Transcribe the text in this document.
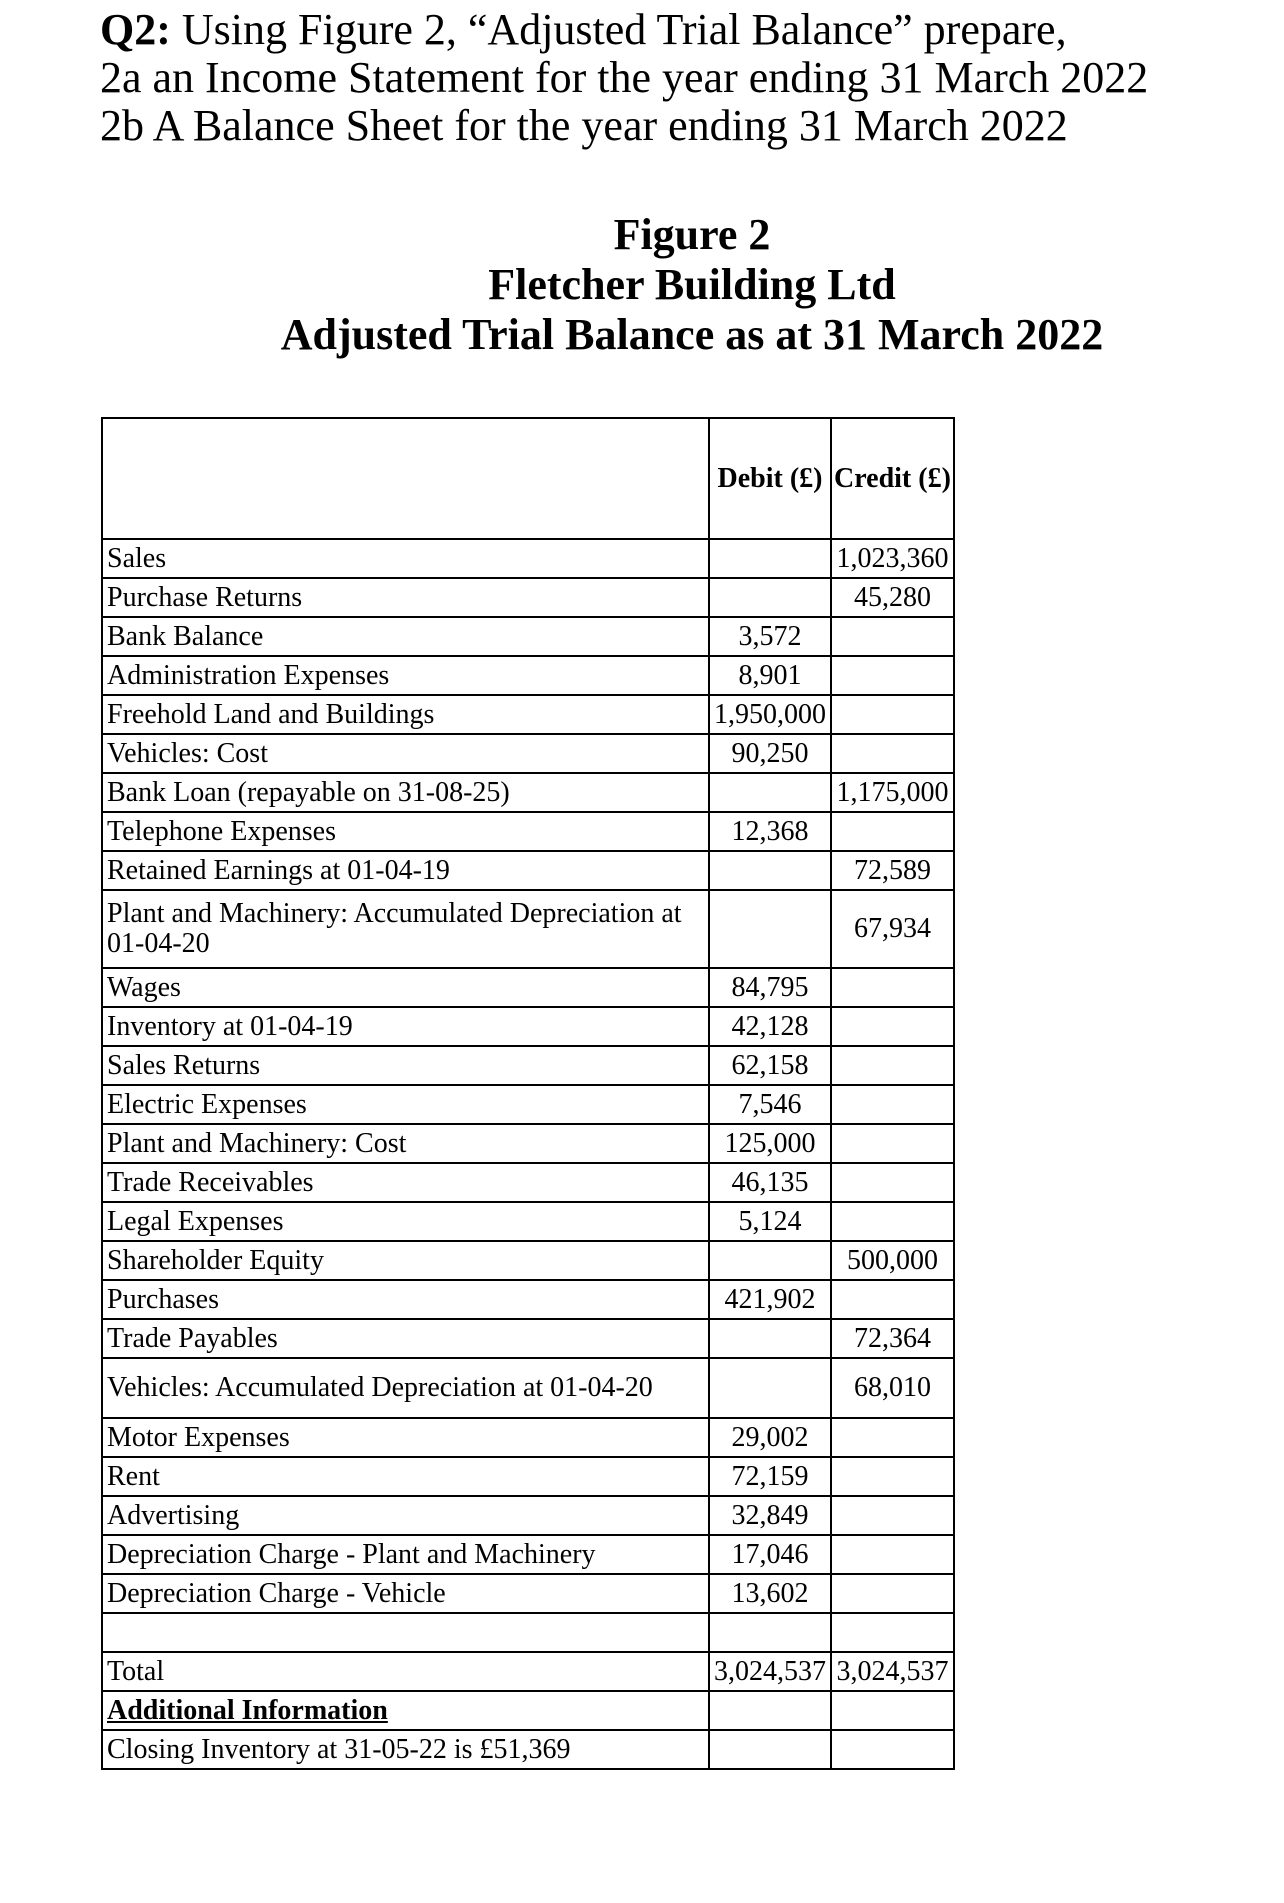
Q2: Using Figure 2, “Adjusted Trial Balance” prepare,
2a an Income Statement for the year ending 31 March 2022
2b A Balance Sheet for the year ending 31 March 2022
Figure 2
Fletcher Building Ltd
Adjusted Trial Balance as at 31 March 2022
	Debit (£)	Credit (£)
Sales		1,023,360
Purchase Returns		45,280
Bank Balance	3,572	
Administration Expenses	8,901	
Freehold Land and Buildings	1,950,000	
Vehicles: Cost	90,250	
Bank Loan (repayable on 31-08-25)		1,175,000
Telephone Expenses	12,368	
Retained Earnings at 01-04-19		72,589
Plant and Machinery: Accumulated Depreciation at 01-04-20		67,934
Wages	84,795	
Inventory at 01-04-19	42,128	
Sales Returns	62,158	
Electric Expenses	7,546	
Plant and Machinery: Cost	125,000	
Trade Receivables	46,135	
Legal Expenses	5,124	
Shareholder Equity		500,000
Purchases	421,902	
Trade Payables		72,364
Vehicles: Accumulated Depreciation at 01-04-20		68,010
Motor Expenses	29,002	
Rent	72,159	
Advertising	32,849	
Depreciation Charge - Plant and Machinery	17,046	
Depreciation Charge - Vehicle	13,602	

Total	3,024,537	3,024,537
Additional Information		
Closing Inventory at 31-05-22 is £51,369		
